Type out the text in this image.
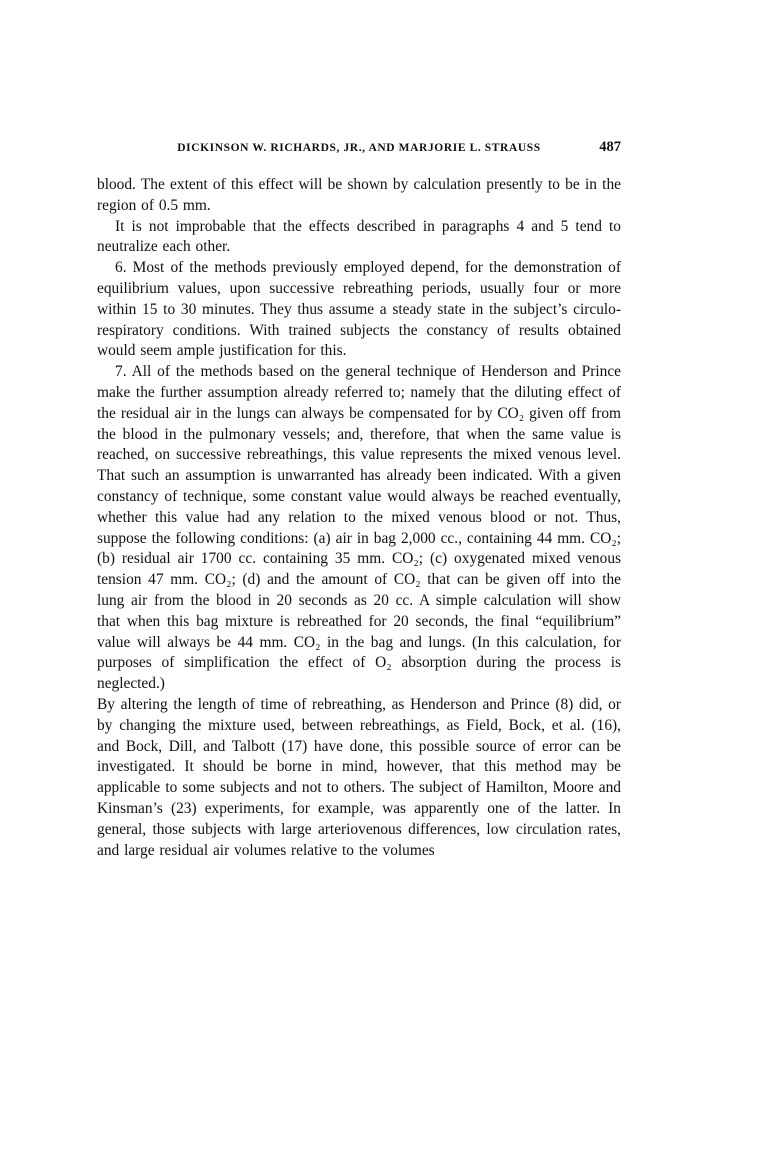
DICKINSON W. RICHARDS, JR., AND MARJORIE L. STRAUSS	487

blood. The extent of this effect will be shown by calculation presently to be in the region of 0.5 mm.

It is not improbable that the effects described in paragraphs 4 and 5 tend to neutralize each other.

6. Most of the methods previously employed depend, for the demonstration of equilibrium values, upon successive rebreathing periods, usually four or more within 15 to 30 minutes. They thus assume a steady state in the subject’s circulo-respiratory conditions. With trained subjects the constancy of results obtained would seem ample justification for this.

7. All of the methods based on the general technique of Henderson and Prince make the further assumption already referred to; namely that the diluting effect of the residual air in the lungs can always be compensated for by CO₂ given off from the blood in the pulmonary vessels; and, therefore, that when the same value is reached, on successive rebreathings, this value represents the mixed venous level. That such an assumption is unwarranted has already been indicated. With a given constancy of technique, some constant value would always be reached eventually, whether this value had any relation to the mixed venous blood or not. Thus, suppose the following conditions: (a) air in bag 2,000 cc., containing 44 mm. CO₂; (b) residual air 1700 cc. containing 35 mm. CO₂; (c) oxygenated mixed venous tension 47 mm. CO₂; (d) and the amount of CO₂ that can be given off into the lung air from the blood in 20 seconds as 20 cc. A simple calculation will show that when this bag mixture is rebreathed for 20 seconds, the final “equilibrium” value will always be 44 mm. CO₂ in the bag and lungs. (In this calculation, for purposes of simplification the effect of O₂ absorption during the process is neglected.)

By altering the length of time of rebreathing, as Henderson and Prince (8) did, or by changing the mixture used, between rebreathings, as Field, Bock, et al. (16), and Bock, Dill, and Talbott (17) have done, this possible source of error can be investigated. It should be borne in mind, however, that this method may be applicable to some subjects and not to others. The subject of Hamilton, Moore and Kinsman’s (23) experiments, for example, was apparently one of the latter. In general, those subjects with large arteriovenous differences, low circulation rates, and large residual air volumes relative to the volumes
